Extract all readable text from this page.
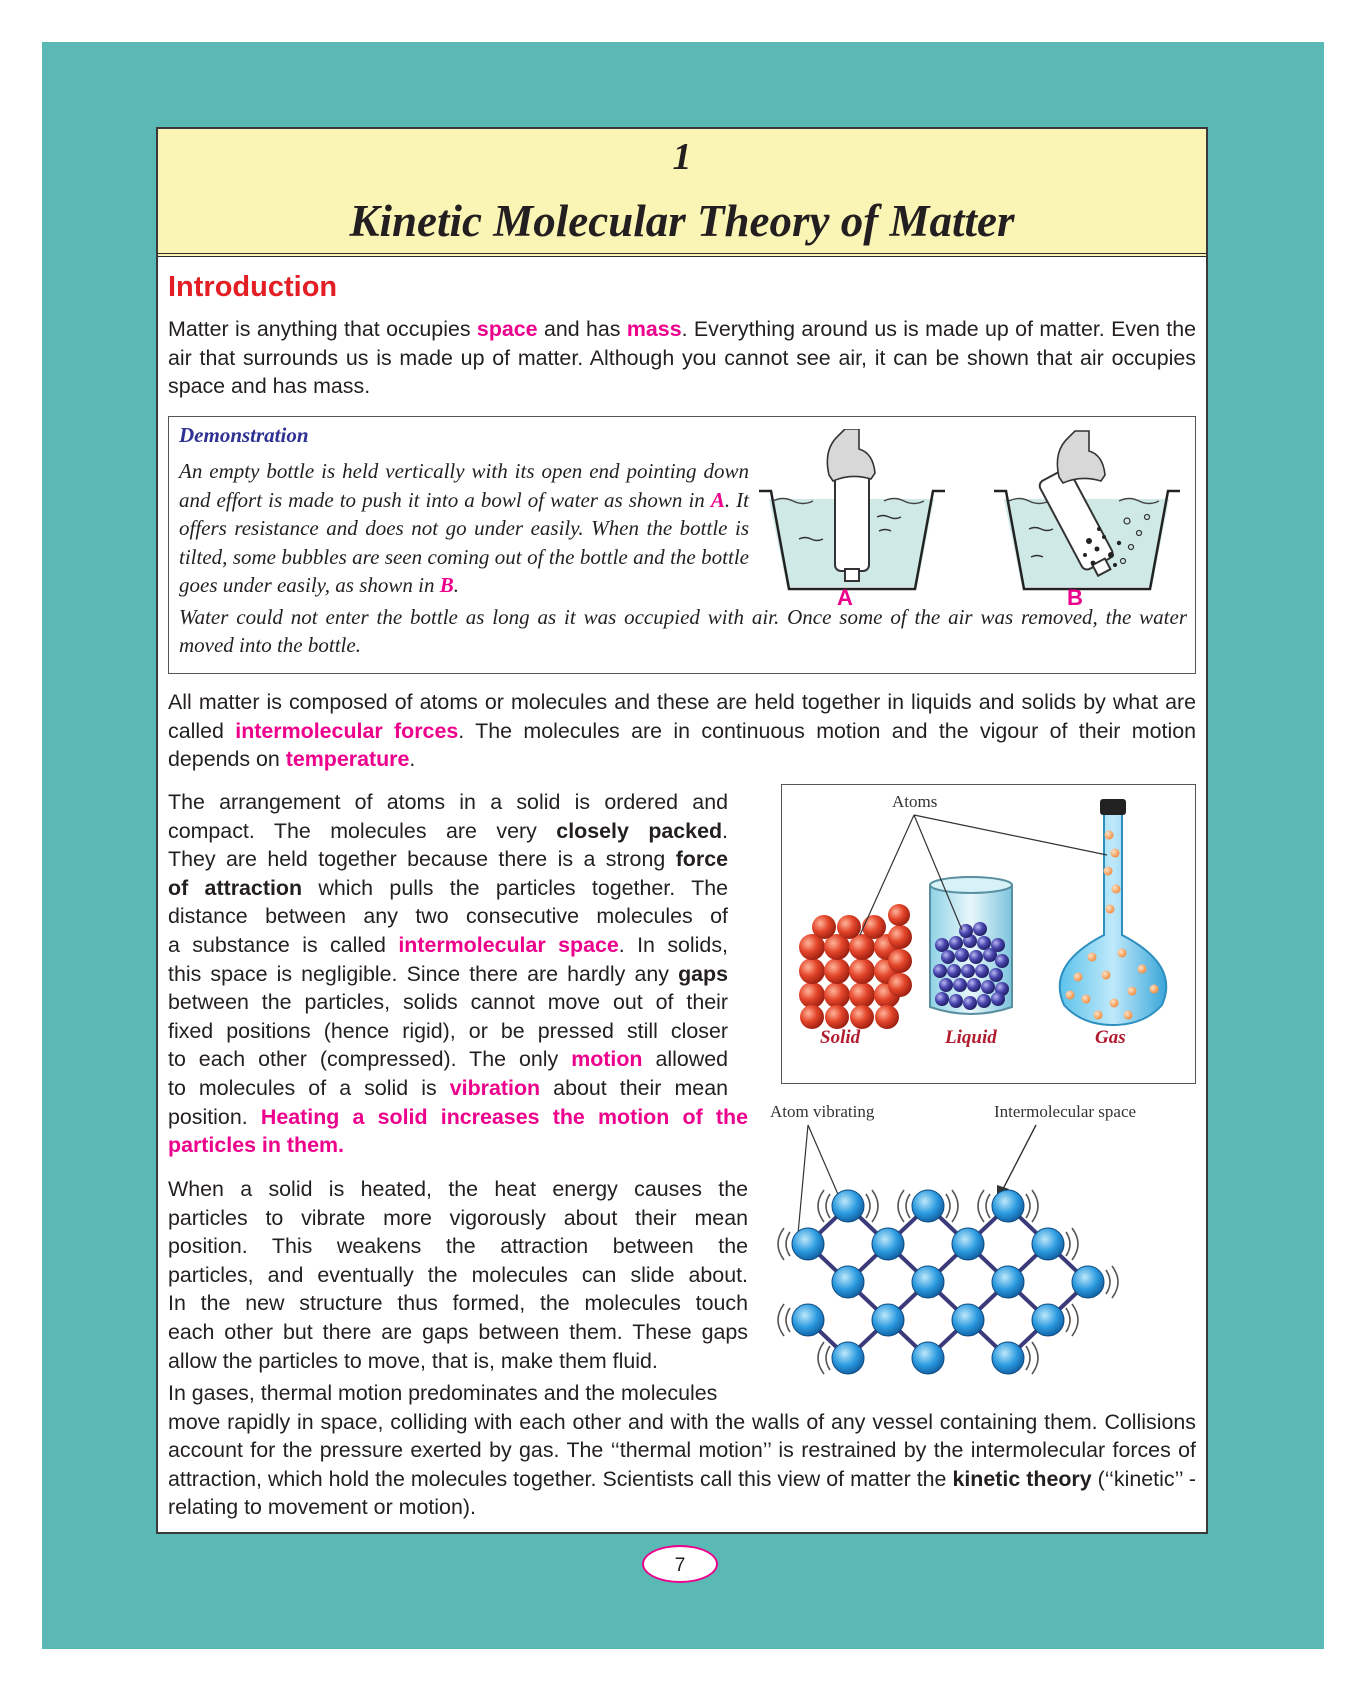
1
Kinetic Molecular Theory of Matter
Introduction

Matter is anything that occupies space and has mass. Everything around us is made up of matter. Even the air that surrounds us is made up of matter. Although you cannot see air, it can be shown that air occupies space and has mass.

Demonstration

An empty bottle is held vertically with its open end pointing down and effort is made to push it into a bowl of water as shown in A. It offers resistance and does not go under easily. When the bottle is tilted, some bubbles are seen coming out of the bottle and the bottle goes under easily, as shown in B.	A	B

Water could not enter the bottle as long as it was occupied with air. Once some of the air was removed, the water moved into the bottle.

All matter is composed of atoms or molecules and these are held together in liquids and solids by what are called intermolecular forces. The molecules are in continuous motion and the vigour of their motion depends on temperature.

The arrangement of atoms in a solid is ordered and
compact. The molecules are very closely packed.
They are held together because there is a strong force
of attraction which pulls the particles together. The
distance between any two consecutive molecules of
a substance is called intermolecular space. In solids,
this space is negligible. Since there are hardly any gaps
between the particles, solids cannot move out of their
fixed positions (hence rigid), or be pressed still closer
to each other (compressed). The only motion allowed
to molecules of a solid is vibration about their mean
position. Heating a solid increases the motion of the
particles in them.
Atoms
Solid	Liquid	Gas
Atom vibrating	Intermolecular space
When a solid is heated, the heat energy causes the
particles to vibrate more vigorously about their mean
position. This weakens the attraction between the
particles, and eventually the molecules can slide about.
In the new structure thus formed, the molecules touch
each other but there are gaps between them. These gaps
allow the particles to move, that is, make them fluid.
In gases, thermal motion predominates and the molecules
move rapidly in space, colliding with each other and with the walls of any vessel containing them. Collisions account for the pressure exerted by gas. The ‘‘thermal motion’’ is restrained by the intermolecular forces of attraction, which hold the molecules together. Scientists call this view of matter the kinetic theory (‘‘kinetic’’ - relating to movement or motion).
7
